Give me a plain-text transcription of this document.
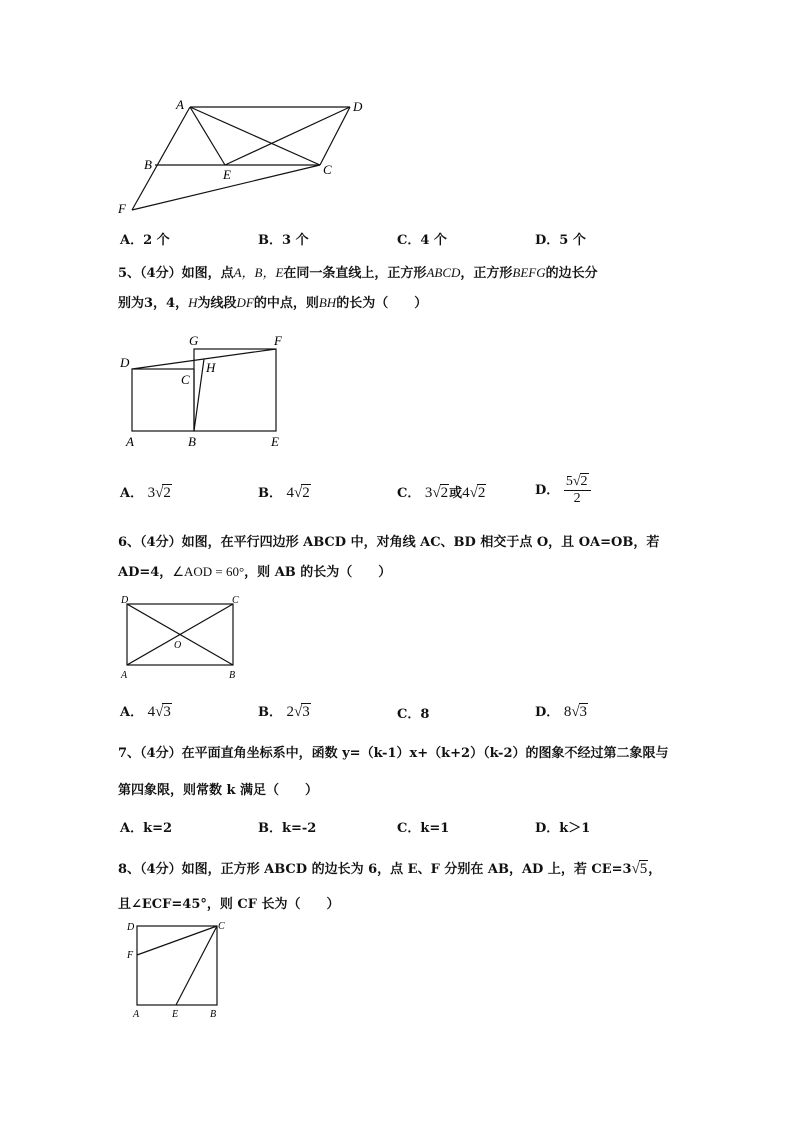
A	D
B
E	C
F
A．2 个	B．3 个	C．4 个	D．5 个
5、（4分）如图，点A，B，E在同一条直线上，正方形ABCD，正方形BEFG的边长分
别为3，4，H为线段DF的中点，则BH的长为（　　）
G	F
D	H
C
A	B	E
A． 3√2	B． 4√2	C． 3√2或4√2	D． $\frac{5√2}{2}$
6、（4分）如图，在平行四边形 ABCD 中，对角线 AC、BD 相交于点 O，且 OA=OB，若
AD=4，∠AOD = 60°，则 AB 的长为（　　）
D	C
O
A	B
A． 4√3	B． 2√3	C．8	D． 8√3
7、（4分）在平面直角坐标系中，函数 y=（k-1）x+（k+2）（k-2）的图象不经过第二象限与
第四象限，则常数 k 满足（　　）
A．k=2	B．k=-2	C．k=1	D．k＞1
8、（4分）如图，正方形 ABCD 的边长为 6，点 E、F 分别在 AB，AD 上，若 CE=3√5，
且∠ECF=45°，则 CF 长为（　　）
D	C
F
A	E	B
